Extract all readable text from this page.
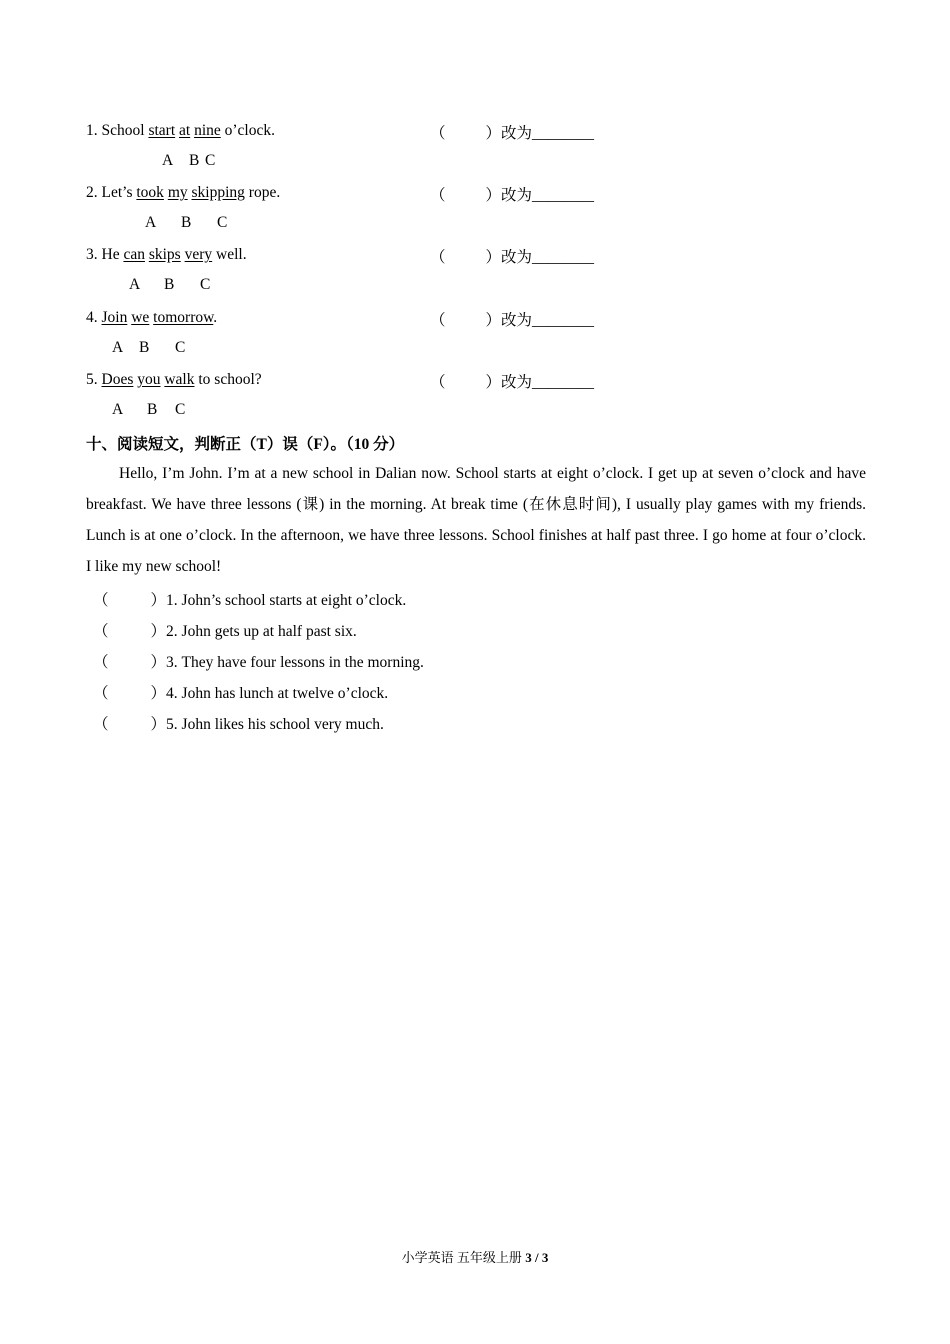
1. School start at nine o’clock.	（	）改为________
A B C
2. Let’s took my skipping rope.	（	）改为________
A B C
3. He can skips very well.	（	）改为________
A B C
4. Join we tomorrow.	（	）改为________
A B C
5. Does you walk to school?	（	）改为________
A B C
十、阅读短文，判断正（T）误（F）。（10 分）
Hello, I’m John. I’m at a new school in Dalian now. School starts at eight o’clock. I get up at seven o’clock and have breakfast. We have three lessons (课) in the morning. At break time (在休息时间), I usually play games with my friends. Lunch is at one o’clock. In the afternoon, we have three lessons. School finishes at half past three. I go home at four o’clock. I like my new school!
（	）1. John’s school starts at eight o’clock.
（	）2. John gets up at half past six.
（	）3. They have four lessons in the morning.
（	）4. John has lunch at twelve o’clock.
（	）5. John likes his school very much.
小学英语 五年级上册 3 / 3
